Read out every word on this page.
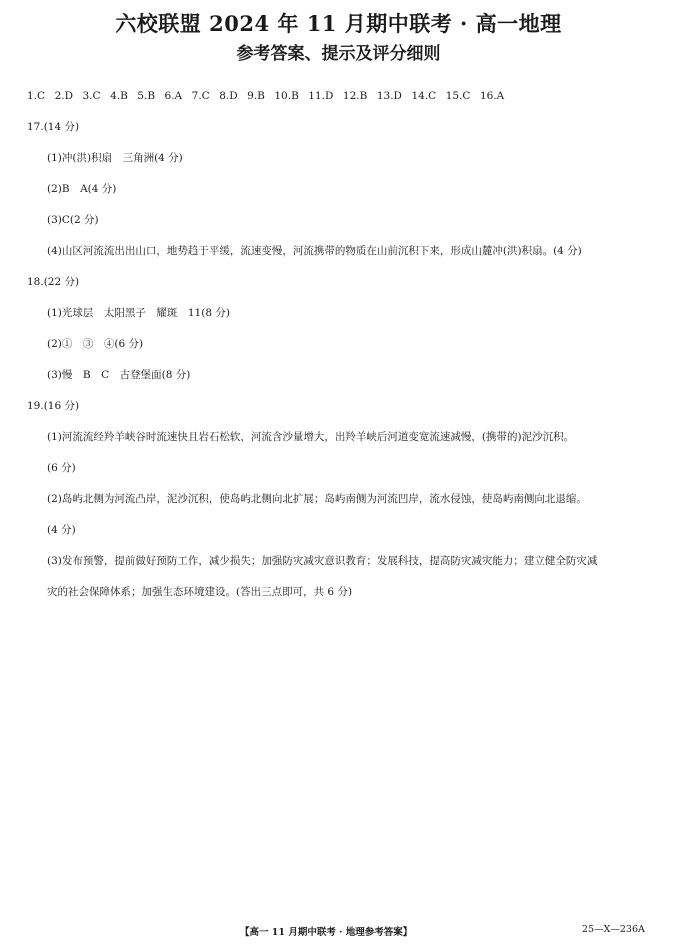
六校联盟 2024 年 11 月期中联考 · 高一地理
参考答案、提示及评分细则
1.C 2.D 3.C 4.B 5.B 6.A 7.C 8.D 9.B 10.B 11.D 12.B 13.D 14.C 15.C 16.A
17.(14 分)
(1)冲(洪)积扇　三角洲(4 分)
(2)B　A(4 分)
(3)C(2 分)
(4)山区河流流出出山口，地势趋于平缓，流速变慢，河流携带的物质在山前沉积下来，形成山麓冲(洪)积扇。(4 分)
18.(22 分)
(1)光球层　太阳黑子　耀斑　11(8 分)
(2)①　③　④(6 分)
(3)慢　B　C　古登堡面(8 分)
19.(16 分)
(1)河流流经羚羊峡谷时流速快且岩石松软，河流含沙量增大，出羚羊峡后河道变宽流速减慢，(携带的)泥沙沉积。
(6 分)
(2)岛屿北侧为河流凸岸，泥沙沉积，使岛屿北侧向北扩展；岛屿南侧为河流凹岸，流水侵蚀，使岛屿南侧向北退缩。
(4 分)
(3)发布预警，提前做好预防工作，减少损失；加强防灾减灾意识教育；发展科技，提高防灾减灾能力；建立健全防灾减
灾的社会保障体系；加强生态环境建设。(答出三点即可，共 6 分)
【高一 11 月期中联考 · 地理参考答案】	25—X—236A
